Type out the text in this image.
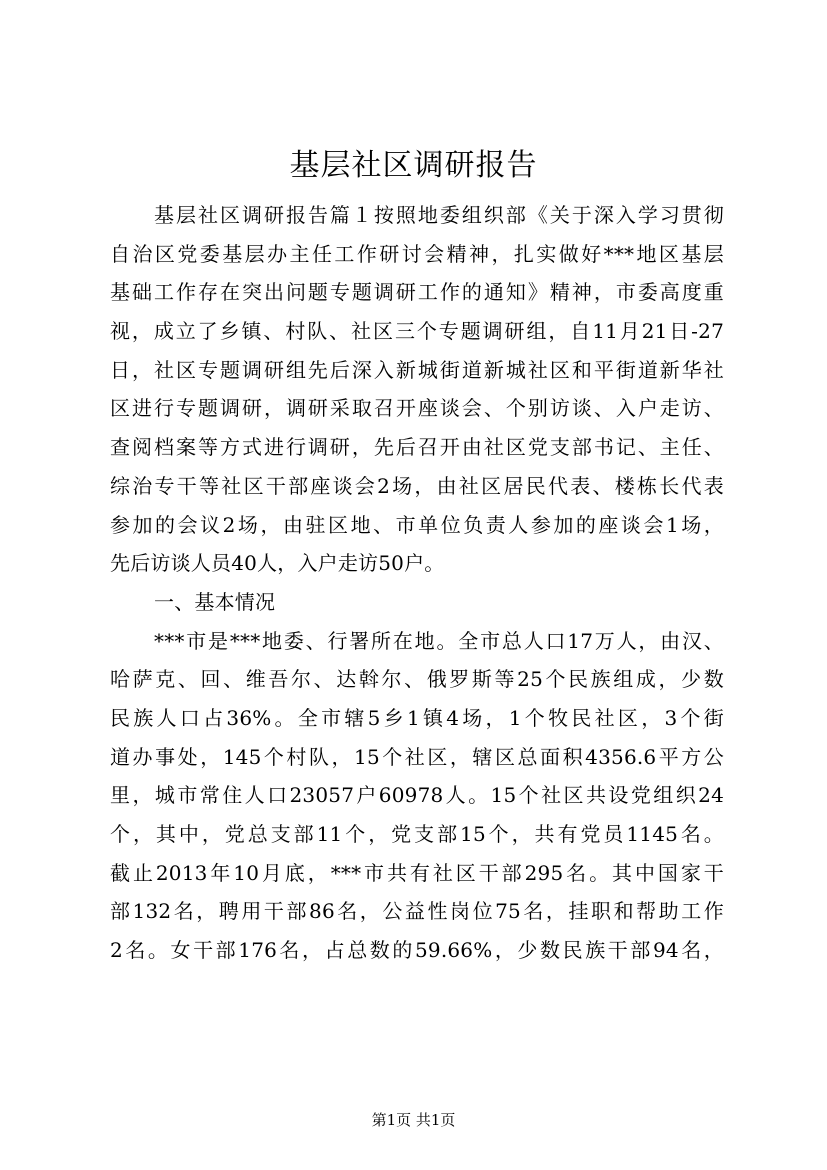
基层社区调研报告
基层社区调研报告篇１按照地委组织部《关于深入学习贯彻
自治区党委基层办主任工作研讨会精神，扎实做好***地区基层
基础工作存在突出问题专题调研工作的通知》精神，市委高度重
视，成立了乡镇、村队、社区三个专题调研组，自11月21日-27
日，社区专题调研组先后深入新城街道新城社区和平街道新华社
区进行专题调研，调研采取召开座谈会、个别访谈、入户走访、
查阅档案等方式进行调研，先后召开由社区党支部书记、主任、
综治专干等社区干部座谈会2场，由社区居民代表、楼栋长代表
参加的会议2场，由驻区地、市单位负责人参加的座谈会1场，
先后访谈人员40人，入户走访50户。
一、基本情况
***市是***地委、行署所在地。全市总人口17万人，由汉、
哈萨克、回、维吾尔、达斡尔、俄罗斯等25个民族组成，少数
民族人口占36%。全市辖5乡1镇4场，1个牧民社区，3个街
道办事处，145个村队，15个社区，辖区总面积4356.6平方公
里，城市常住人口23057户60978人。15个社区共设党组织24
个，其中，党总支部11个，党支部15个，共有党员1145名。
截止2013年10月底，***市共有社区干部295名。其中国家干
部132名，聘用干部86名，公益性岗位75名，挂职和帮助工作
2名。女干部176名，占总数的59.66%，少数民族干部94名，
第1页 共1页
